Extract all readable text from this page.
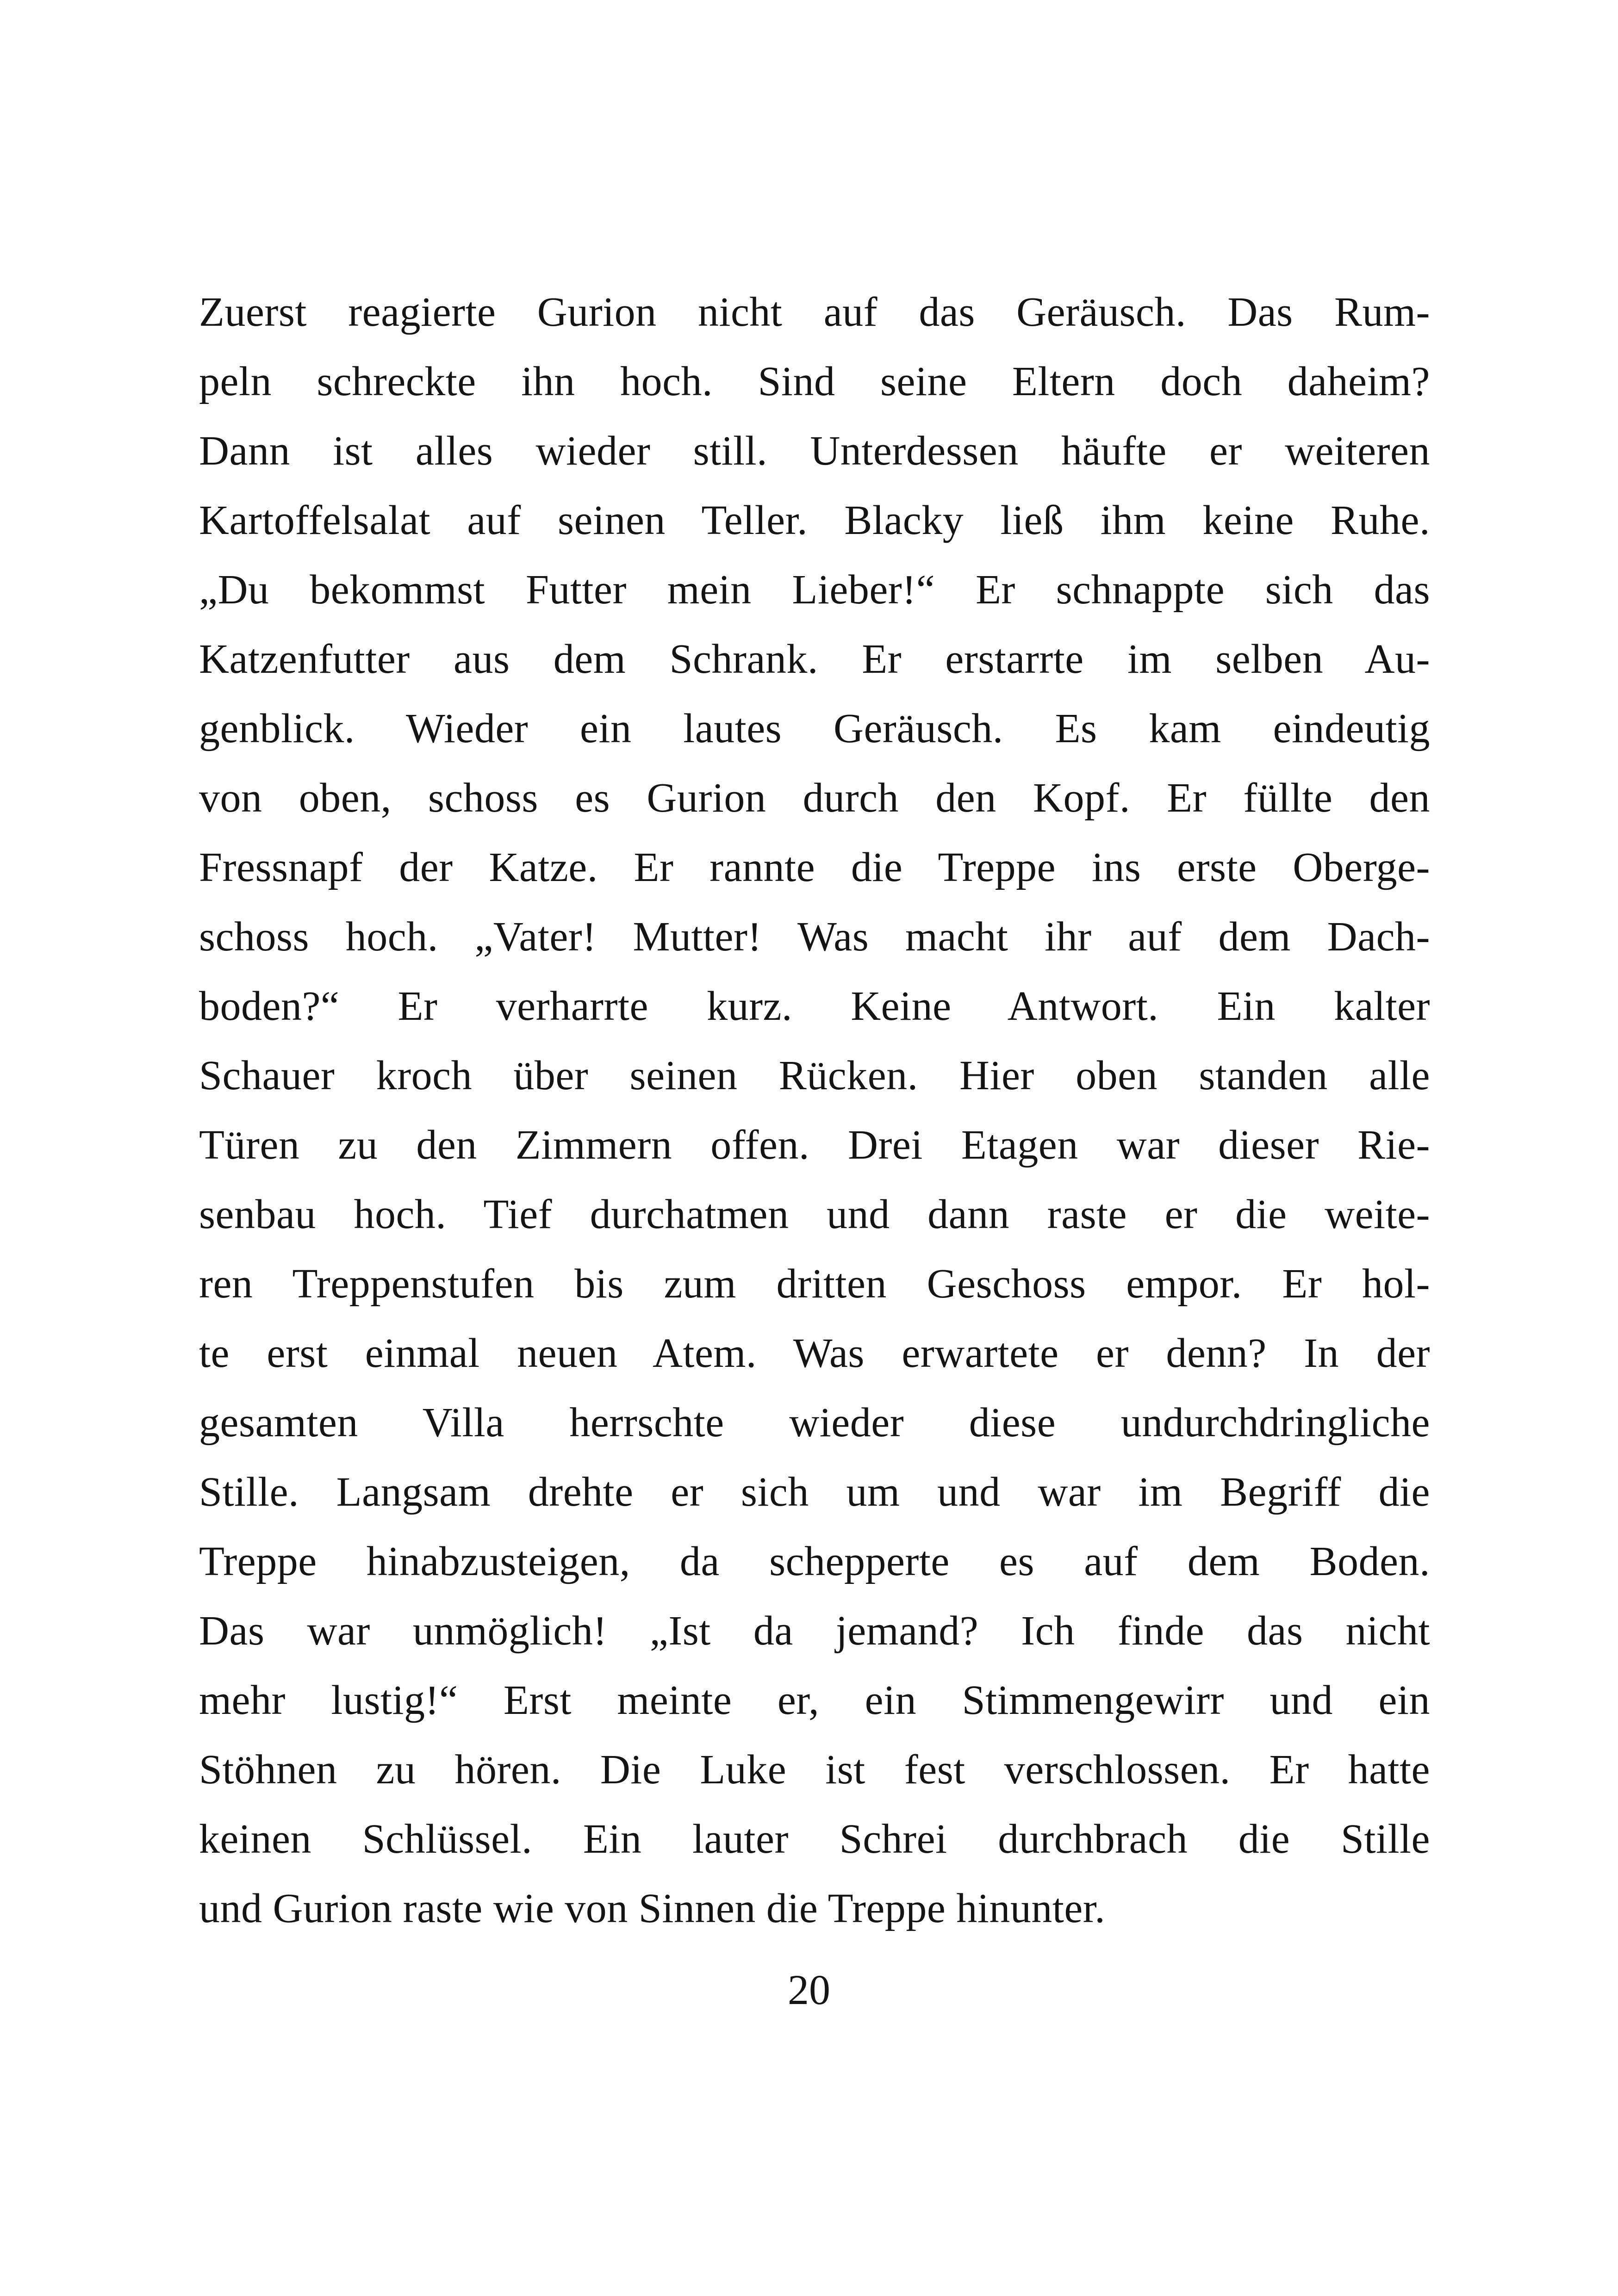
Zuerst reagierte Gurion nicht auf das Geräusch. Das Rum-
peln schreckte ihn hoch. Sind seine Eltern doch daheim?
Dann ist alles wieder still. Unterdessen häufte er weiteren
Kartoffelsalat auf seinen Teller. Blacky ließ ihm keine Ruhe.
„Du bekommst Futter mein Lieber!“ Er schnappte sich das
Katzenfutter aus dem Schrank. Er erstarrte im selben Au-
genblick. Wieder ein lautes Geräusch. Es kam eindeutig
von oben, schoss es Gurion durch den Kopf. Er füllte den
Fressnapf der Katze. Er rannte die Treppe ins erste Oberge-
schoss hoch. „Vater! Mutter! Was macht ihr auf dem Dach-
boden?“ Er verharrte kurz. Keine Antwort. Ein kalter
Schauer kroch über seinen Rücken. Hier oben standen alle
Türen zu den Zimmern offen. Drei Etagen war dieser Rie-
senbau hoch. Tief durchatmen und dann raste er die weite-
ren Treppenstufen bis zum dritten Geschoss empor. Er hol-
te erst einmal neuen Atem. Was erwartete er denn? In der
gesamten Villa herrschte wieder diese undurchdringliche
Stille. Langsam drehte er sich um und war im Begriff die
Treppe hinabzusteigen, da schepperte es auf dem Boden.
Das war unmöglich! „Ist da jemand? Ich finde das nicht
mehr lustig!“ Erst meinte er, ein Stimmengewirr und ein
Stöhnen zu hören. Die Luke ist fest verschlossen. Er hatte
keinen Schlüssel. Ein lauter Schrei durchbrach die Stille
und Gurion raste wie von Sinnen die Treppe hinunter.
20
